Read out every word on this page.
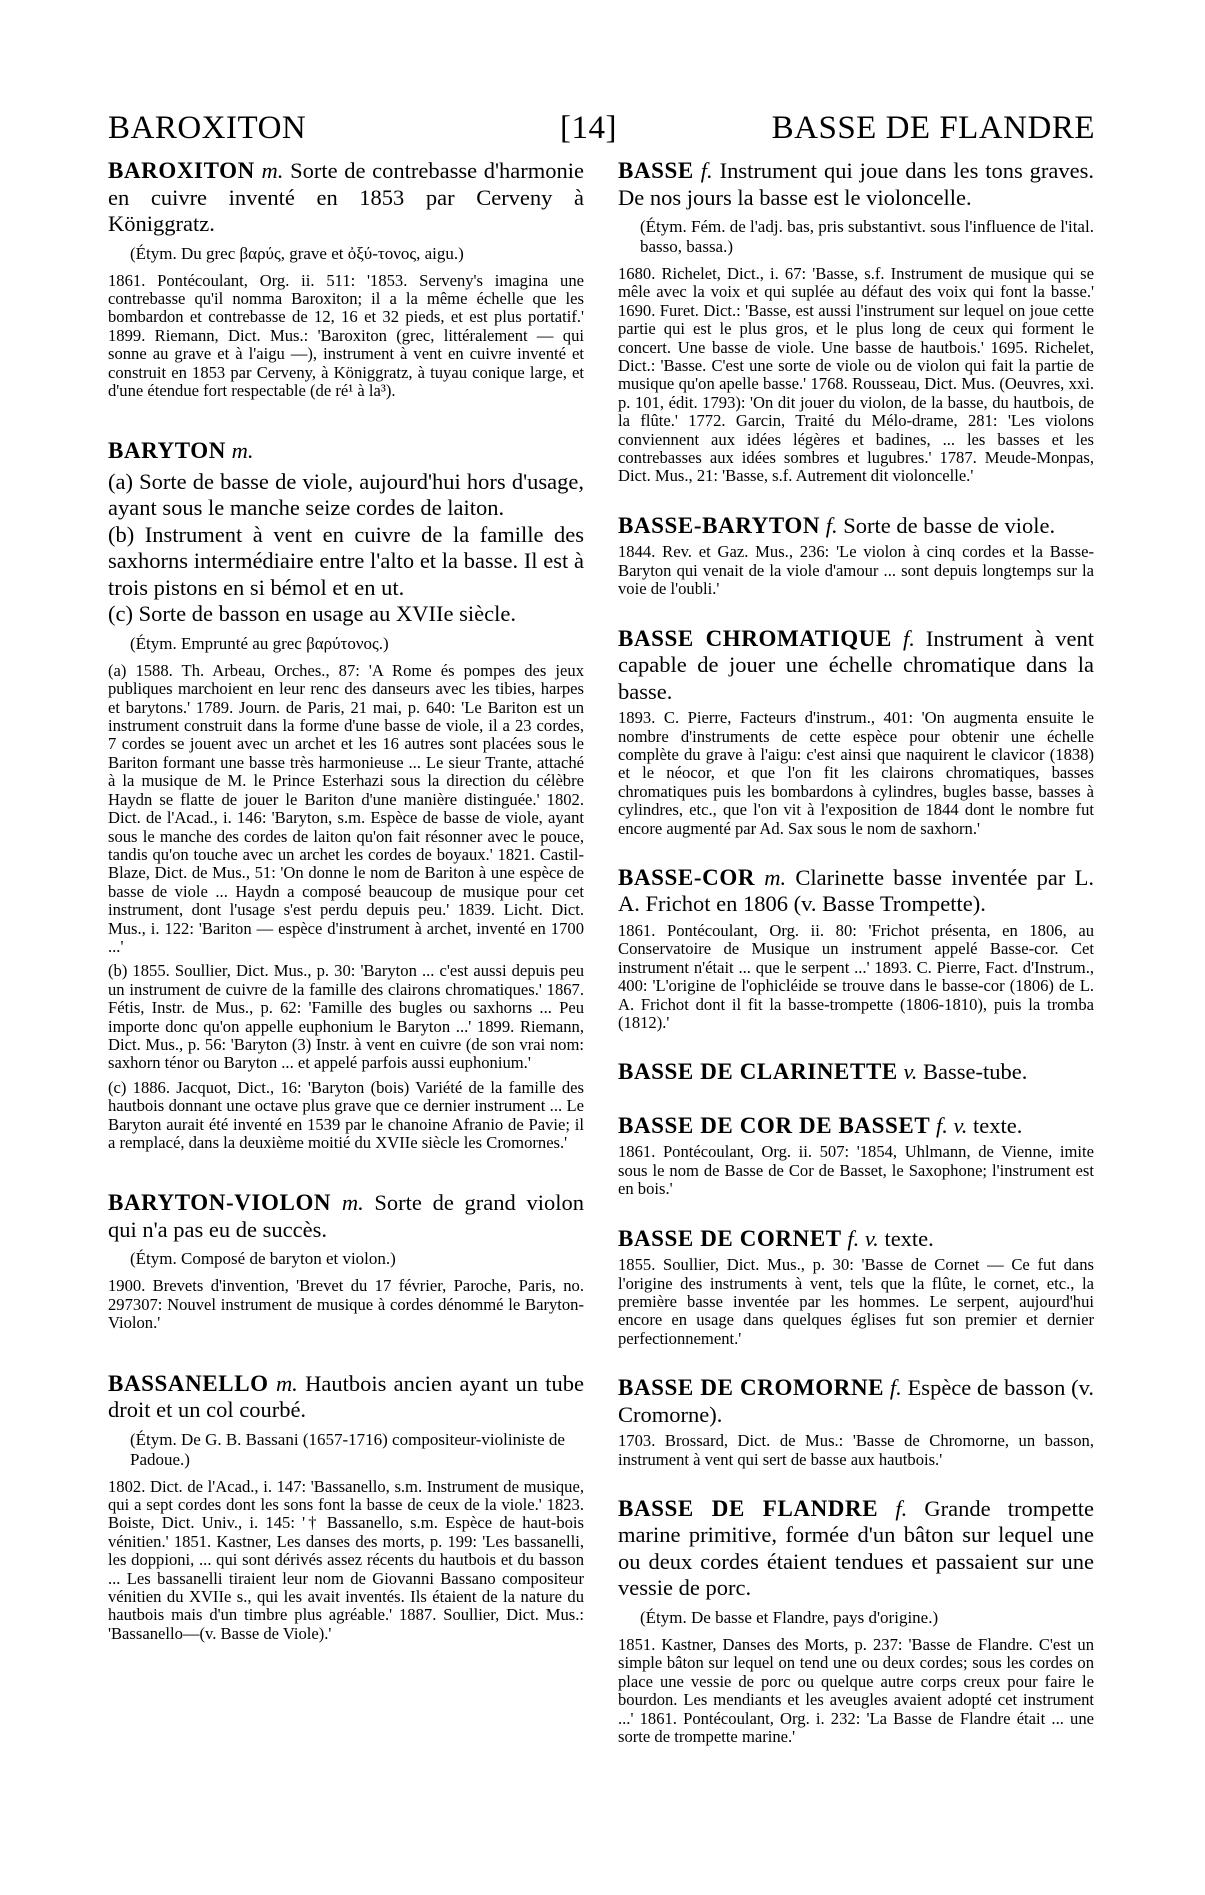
BAROXITON	[14]	BASSE DE FLANDRE

BAROXITON m. Sorte de contrebasse d'harmonie en cuivre inventé en 1853 par Cerveny à Königgratz.

(Étym. Du grec βαρύς, grave et ὀξύ-τονος, aigu.)

1861. Pontécoulant, Org. ii. 511: '1853. Serveny's imagina une contrebasse qu'il nomma Baroxiton; il a la même échelle que les bombardon et contrebasse de 12, 16 et 32 pieds, et est plus portatif.' 1899. Riemann, Dict. Mus.: 'Baroxiton (grec, littéralement — qui sonne au grave et à l'aigu —), instrument à vent en cuivre inventé et construit en 1853 par Cerveny, à Königgratz, à tuyau conique large, et d'une étendue fort respectable (de ré¹ à la³).

BARYTON m.

(a) Sorte de basse de viole, aujourd'hui hors d'usage, ayant sous le manche seize cordes de laiton.

(b) Instrument à vent en cuivre de la famille des saxhorns intermédiaire entre l'alto et la basse. Il est à trois pistons en si bémol et en ut.

(c) Sorte de basson en usage au XVIIe siècle.

(Étym. Emprunté au grec βαρύτονος.)

(a) 1588. Th. Arbeau, Orches., 87: 'A Rome és pompes des jeux publiques marchoient en leur renc des danseurs avec les tibies, harpes et barytons.' 1789. Journ. de Paris, 21 mai, p. 640: 'Le Bariton est un instrument construit dans la forme d'une basse de viole, il a 23 cordes, 7 cordes se jouent avec un archet et les 16 autres sont placées sous le Bariton formant une basse très harmonieuse ... Le sieur Trante, attaché à la musique de M. le Prince Esterhazi sous la direction du célèbre Haydn se flatte de jouer le Bariton d'une manière distinguée.' 1802. Dict. de l'Acad., i. 146: 'Baryton, s.m. Espèce de basse de viole, ayant sous le manche des cordes de laiton qu'on fait résonner avec le pouce, tandis qu'on touche avec un archet les cordes de boyaux.' 1821. Castil-Blaze, Dict. de Mus., 51: 'On donne le nom de Bariton à une espèce de basse de viole ... Haydn a composé beaucoup de musique pour cet instrument, dont l'usage s'est perdu depuis peu.' 1839. Licht. Dict. Mus., i. 122: 'Bariton — espèce d'instrument à archet, inventé en 1700 ...'

(b) 1855. Soullier, Dict. Mus., p. 30: 'Baryton ... c'est aussi depuis peu un instrument de cuivre de la famille des clairons chromatiques.' 1867. Fétis, Instr. de Mus., p. 62: 'Famille des bugles ou saxhorns ... Peu importe donc qu'on appelle euphonium le Baryton ...' 1899. Riemann, Dict. Mus., p. 56: 'Baryton (3) Instr. à vent en cuivre (de son vrai nom: saxhorn ténor ou Baryton ... et appelé parfois aussi euphonium.'

(c) 1886. Jacquot, Dict., 16: 'Baryton (bois) Variété de la famille des hautbois donnant une octave plus grave que ce dernier instrument ... Le Baryton aurait été inventé en 1539 par le chanoine Afranio de Pavie; il a remplacé, dans la deuxième moitié du XVIIe siècle les Cromornes.'

BARYTON-VIOLON m. Sorte de grand violon qui n'a pas eu de succès.

(Étym. Composé de baryton et violon.)

1900. Brevets d'invention, 'Brevet du 17 février, Paroche, Paris, no. 297307: Nouvel instrument de musique à cordes dénommé le Baryton-Violon.'

BASSANELLO m. Hautbois ancien ayant un tube droit et un col courbé.

(Étym. De G. B. Bassani (1657-1716) compositeur-violiniste de Padoue.)

1802. Dict. de l'Acad., i. 147: 'Bassanello, s.m. Instrument de musique, qui a sept cordes dont les sons font la basse de ceux de la viole.' 1823. Boiste, Dict. Univ., i. 145: '† Bassanello, s.m. Espèce de haut-bois vénitien.' 1851. Kastner, Les danses des morts, p. 199: 'Les bassanelli, les doppioni, ... qui sont dérivés assez récents du hautbois et du basson ... Les bassanelli tiraient leur nom de Giovanni Bassano compositeur vénitien du XVIIe s., qui les avait inventés. Ils étaient de la nature du hautbois mais d'un timbre plus agréable.' 1887. Soullier, Dict. Mus.: 'Bassanello—(v. Basse de Viole).'

BASSE f. Instrument qui joue dans les tons graves. De nos jours la basse est le violoncelle.

(Étym. Fém. de l'adj. bas, pris substantivt. sous l'influence de l'ital. basso, bassa.)

1680. Richelet, Dict., i. 67: 'Basse, s.f. Instrument de musique qui se mêle avec la voix et qui suplée au défaut des voix qui font la basse.' 1690. Furet. Dict.: 'Basse, est aussi l'instrument sur lequel on joue cette partie qui est le plus gros, et le plus long de ceux qui forment le concert. Une basse de viole. Une basse de hautbois.' 1695. Richelet, Dict.: 'Basse. C'est une sorte de viole ou de violon qui fait la partie de musique qu'on apelle basse.' 1768. Rousseau, Dict. Mus. (Oeuvres, xxi. p. 101, édit. 1793): 'On dit jouer du violon, de la basse, du hautbois, de la flûte.' 1772. Garcin, Traité du Mélo-drame, 281: 'Les violons conviennent aux idées légères et badines, ... les basses et les contrebasses aux idées sombres et lugubres.' 1787. Meude-Monpas, Dict. Mus., 21: 'Basse, s.f. Autrement dit violoncelle.'

BASSE-BARYTON f. Sorte de basse de viole.

1844. Rev. et Gaz. Mus., 236: 'Le violon à cinq cordes et la Basse-Baryton qui venait de la viole d'amour ... sont depuis longtemps sur la voie de l'oubli.'

BASSE CHROMATIQUE f. Instrument à vent capable de jouer une échelle chromatique dans la basse.

1893. C. Pierre, Facteurs d'instrum., 401: 'On augmenta ensuite le nombre d'instruments de cette espèce pour obtenir une échelle complète du grave à l'aigu: c'est ainsi que naquirent le clavicor (1838) et le néocor, et que l'on fit les clairons chromatiques, basses chromatiques puis les bombardons à cylindres, bugles basse, basses à cylindres, etc., que l'on vit à l'exposition de 1844 dont le nombre fut encore augmenté par Ad. Sax sous le nom de saxhorn.'

BASSE-COR m. Clarinette basse inventée par L. A. Frichot en 1806 (v. Basse Trompette).

1861. Pontécoulant, Org. ii. 80: 'Frichot présenta, en 1806, au Conservatoire de Musique un instrument appelé Basse-cor. Cet instrument n'était ... que le serpent ...' 1893. C. Pierre, Fact. d'Instrum., 400: 'L'origine de l'ophicléide se trouve dans le basse-cor (1806) de L. A. Frichot dont il fit la basse-trompette (1806-1810), puis la tromba (1812).'

BASSE DE CLARINETTE v. Basse-tube.

BASSE DE COR DE BASSET f. v. texte.

1861. Pontécoulant, Org. ii. 507: '1854, Uhlmann, de Vienne, imite sous le nom de Basse de Cor de Basset, le Saxophone; l'instrument est en bois.'

BASSE DE CORNET f. v. texte.

1855. Soullier, Dict. Mus., p. 30: 'Basse de Cornet — Ce fut dans l'origine des instruments à vent, tels que la flûte, le cornet, etc., la première basse inventée par les hommes. Le serpent, aujourd'hui encore en usage dans quelques églises fut son premier et dernier perfectionnement.'

BASSE DE CROMORNE f. Espèce de basson (v. Cromorne).

1703. Brossard, Dict. de Mus.: 'Basse de Chromorne, un basson, instrument à vent qui sert de basse aux hautbois.'

BASSE DE FLANDRE f. Grande trompette marine primitive, formée d'un bâton sur lequel une ou deux cordes étaient tendues et passaient sur une vessie de porc.

(Étym. De basse et Flandre, pays d'origine.)

1851. Kastner, Danses des Morts, p. 237: 'Basse de Flandre. C'est un simple bâton sur lequel on tend une ou deux cordes; sous les cordes on place une vessie de porc ou quelque autre corps creux pour faire le bourdon. Les mendiants et les aveugles avaient adopté cet instrument ...' 1861. Pontécoulant, Org. i. 232: 'La Basse de Flandre était ... une sorte de trompette marine.'
